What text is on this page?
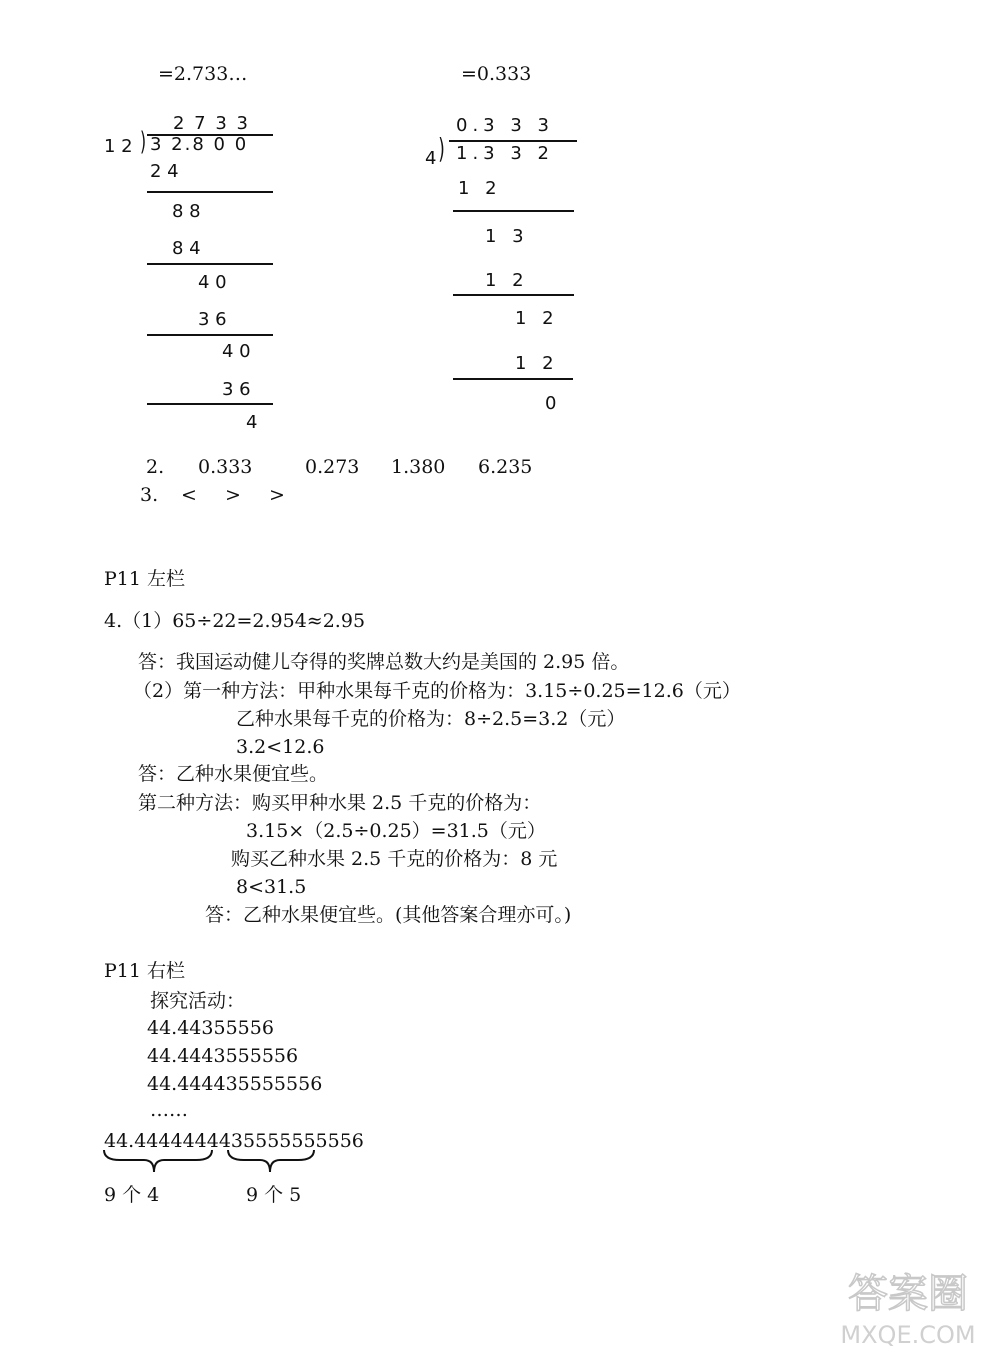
=2.733…
2 7 3 3
1 2 ) 3 2.8 0 0
2 4
8 8
8 4
4 0
3 6
4 0
3 6
4
=0.333
0.3 3 3
4 ) 1.3 3 2
1 2
1 3
1 2
1 2
1 2
0
2. 0.333	0.273 1.380 6.235
3. < > >
P11 左栏
4.（1）65÷22=2.954≈2.95
答：我国运动健儿夺得的奖牌总数大约是美国的 2.95 倍。
（2）第一种方法：甲种水果每千克的价格为：3.15÷0.25=12.6（元）
乙种水果每千克的价格为：8÷2.5=3.2（元）
3.2<12.6
答：乙种水果便宜些。
第二种方法：购买甲种水果 2.5 千克的价格为：
3.15×（2.5÷0.25）=31.5（元）
购买乙种水果 2.5 千克的价格为：8 元
8<31.5
答：乙种水果便宜些。(其他答案合理亦可。)
P11 右栏
探究活动：
44.44355556
44.4443555556
44.444435555556
……
44.4444444435555555556
9 个 4	9 个 5
答案圈
MXQE.COM
